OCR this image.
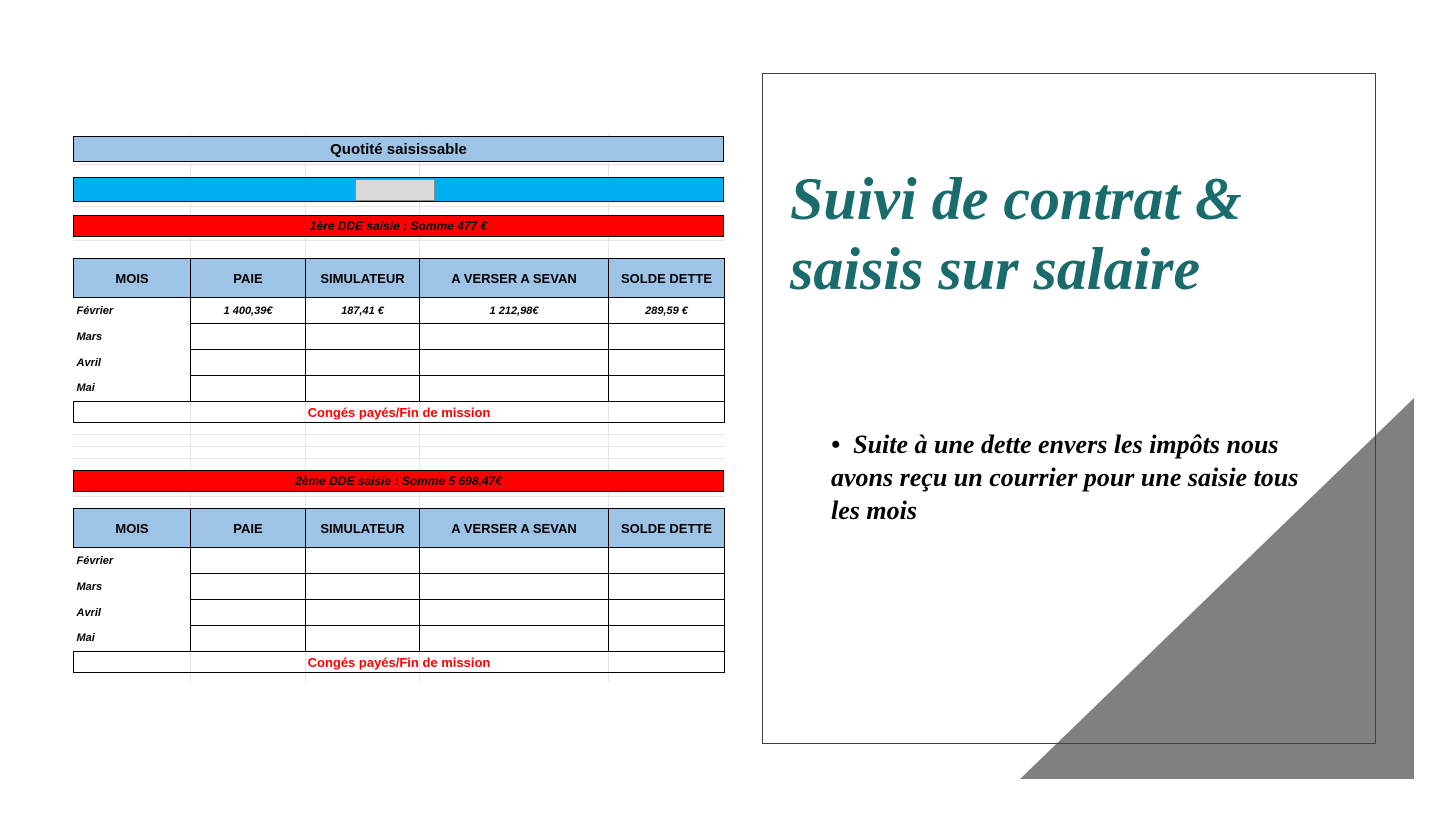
Quotité saisissable
1ère DDE saisie : Somme 477 €
MOIS	PAIE	SIMULATEUR	A VERSER A SEVAN	SOLDE DETTE
Février	1 400,39€	187,41 €	1 212,98€	289,59 €
Mars				
Avril				
Mai				
Congés payés/Fin de mission				
2ème DDE saisie : Somme 5 698,47€
MOIS	PAIE	SIMULATEUR	A VERSER A SEVAN	SOLDE DETTE
Février				
Mars				
Avril				
Mai				
Congés payés/Fin de mission				
Suivi de contrat &
saisis sur salaire

• Suite à une dette envers les impôts nous avons reçu un courrier pour une saisie tous les mois
